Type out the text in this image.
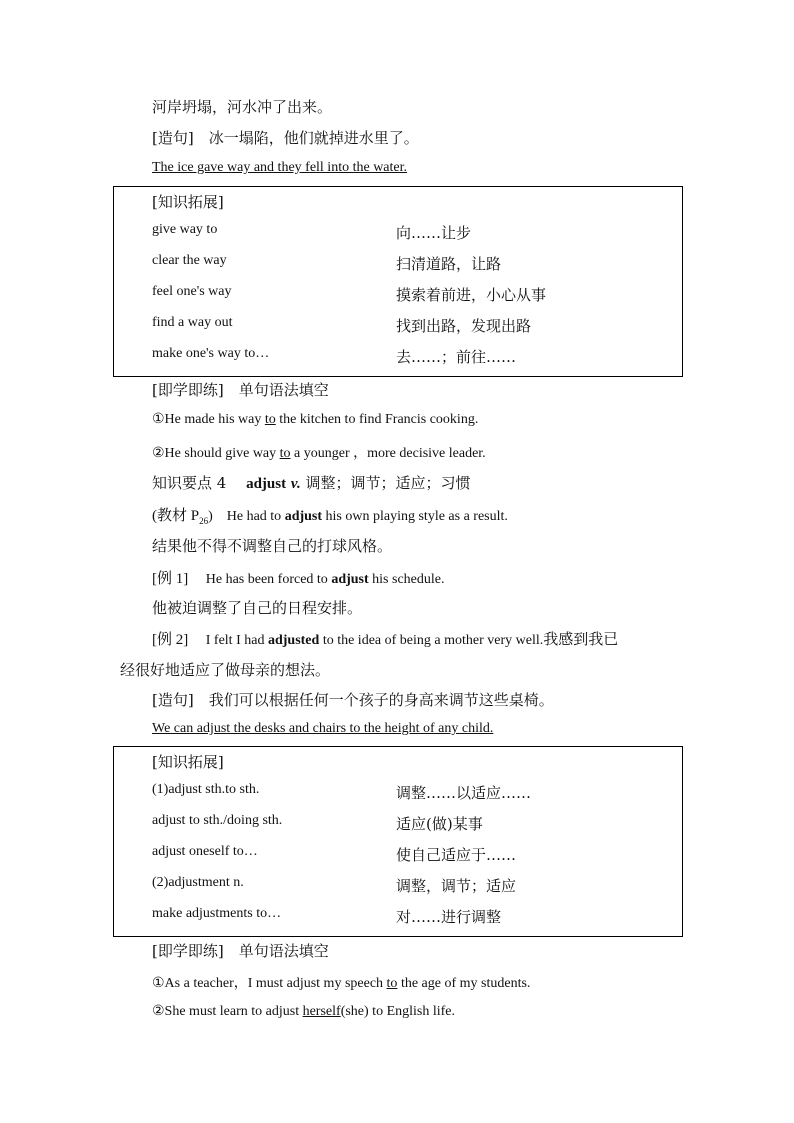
河岸坍塌，河水冲了出来。
[造句]　 冰一塌陷，他们就掉进水里了。
The ice gave way and they fell into the water.
[知识拓展]
give way to	向……让步
clear the way	扫清道路，让路
feel one's way	摸索着前进，小心从事
find a way out	找到出路，发现出路
make one's way to…	去……；前往……
[即学即练]　单句语法填空
①He made his way to the kitchen to find Francis cooking.
②He should give way to a younger ，more decisive leader.
知识要点 4　 adjust v. 调整；调节；适应；习惯
(教材 $P_{26}$)　He had to adjust his own playing style as a result.
结果他不得不调整自己的打球风格。
[例 1]　 He has been forced to adjust his schedule.
他被迫调整了自己的日程安排。
[例 2]　 I felt I had adjusted to the idea of being a mother very well.我感到我已
经很好地适应了做母亲的想法。
[造句]　 我们可以根据任何一个孩子的身高来调节这些桌椅。
We can adjust the desks and chairs to the height of any child.
[知识拓展]
(1)adjust sth.to sth.	调整……以适应……
adjust to sth./doing sth.	适应(做)某事
adjust oneself to…	使自己适应于……
(2)adjustment n.	调整，调节；适应
make adjustments to…	对……进行调整
[即学即练]　单句语法填空
①As a teacher，I must adjust my speech to the age of my students.
②She must learn to adjust herself(she) to English life.
